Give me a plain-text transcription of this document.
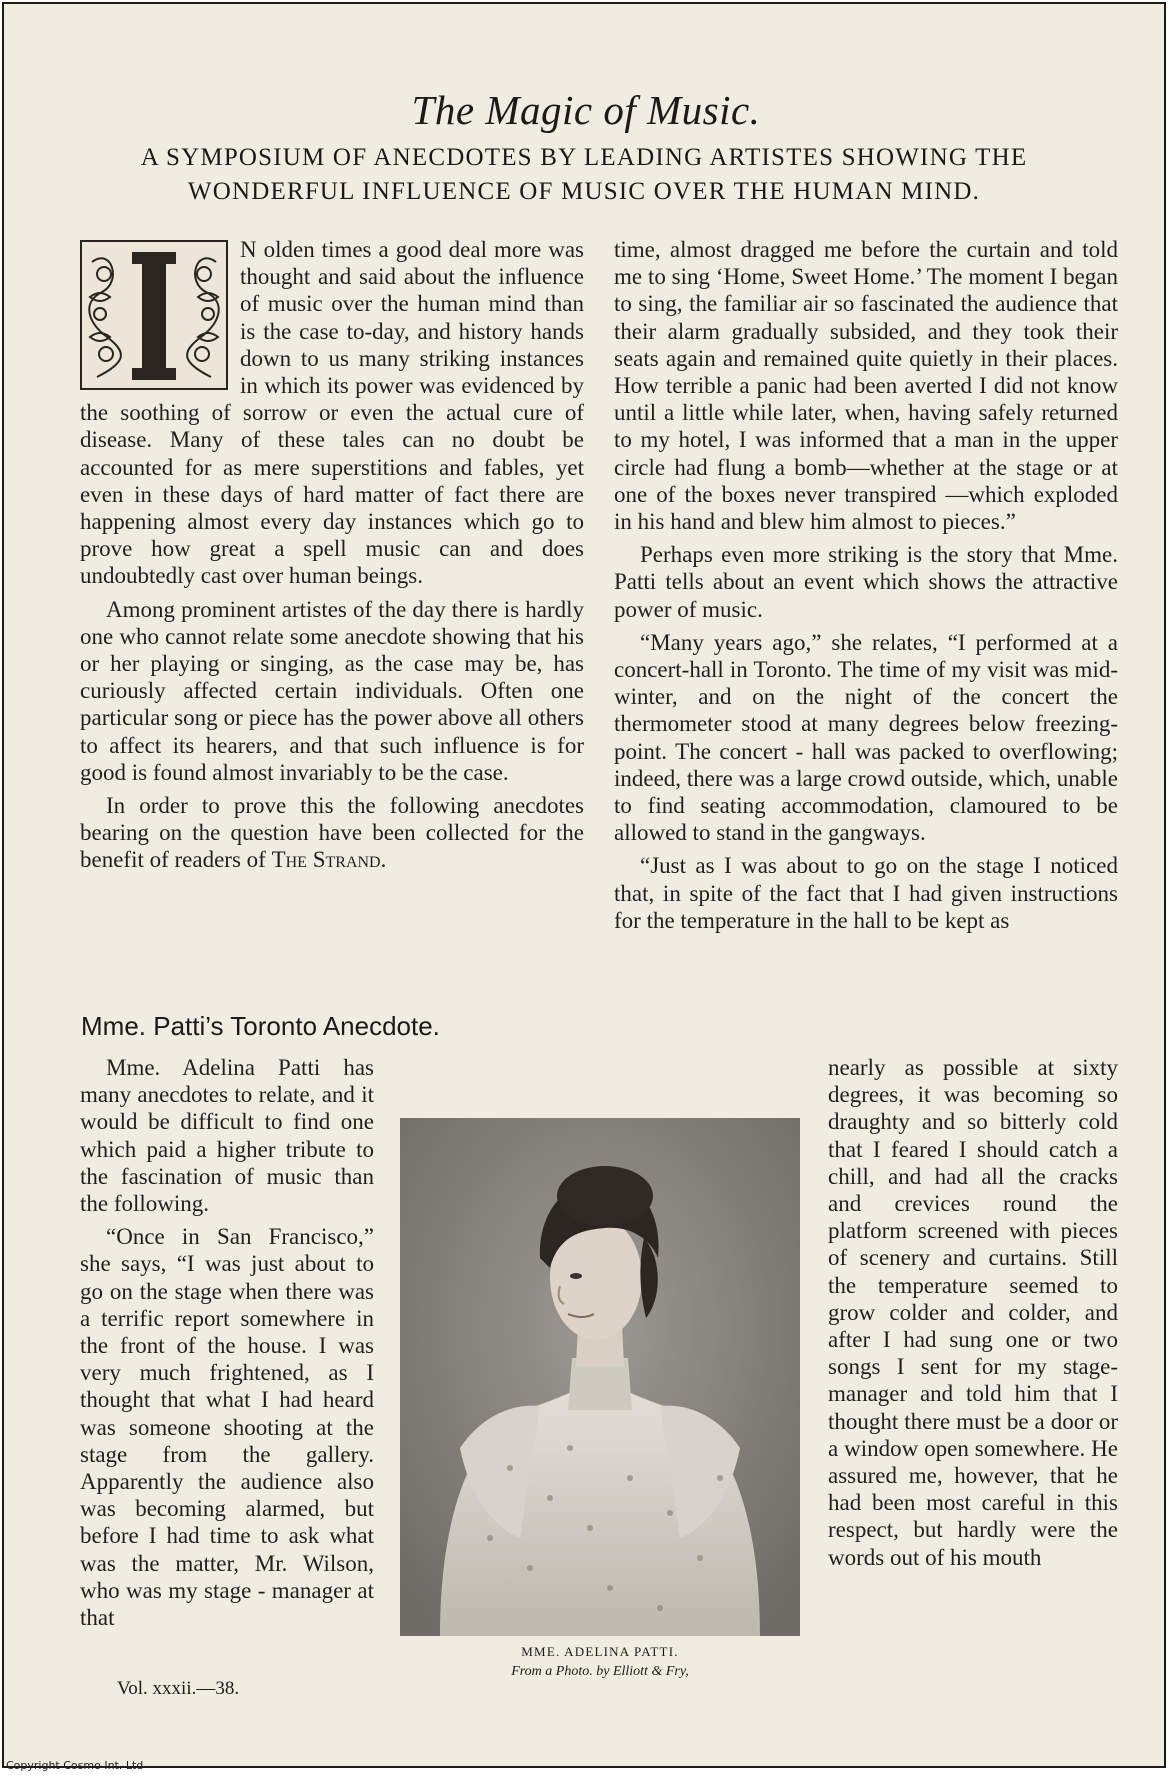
The Magic of Music.
A SYMPOSIUM OF ANECDOTES BY LEADING ARTISTES SHOWING THE
WONDERFUL INFLUENCE OF MUSIC OVER THE HUMAN MIND.

N olden times a good deal more was thought and said about the influence of music over the human mind than is the case to-day, and history hands down to us many striking instances in which its power was evidenced by the soothing of sorrow or even the actual cure of disease. Many of these tales can no doubt be accounted for as mere superstitions and fables, yet even in these days of hard matter of fact there are happening almost every day instances which go to prove how great a spell music can and does undoubtedly cast over human beings.

Among prominent artistes of the day there is hardly one who cannot relate some anecdote showing that his or her playing or singing, as the case may be, has curiously affected certain individuals. Often one particular song or piece has the power above all others to affect its hearers, and that such influence is for good is found almost invariably to be the case.

In order to prove this the following anecdotes bearing on the question have been collected for the benefit of readers of The Strand.

Mme. Patti’s Toronto Anecdote.

Mme. Adelina Patti has many anecdotes to relate, and it would be difficult to find one which paid a higher tribute to the fascination of music than the following.

“Once in San Francisco,” she says, “I was just about to go on the stage when there was a terrific report somewhere in the front of the house. I was very much frightened, as I thought that what I had heard was someone shooting at the stage from the gallery. Apparently the audience also was becoming alarmed, but before I had time to ask what was the matter, Mr. Wilson, who was my stage - manager at that

time, almost dragged me before the curtain and told me to sing ‘Home, Sweet Home.’ The moment I began to sing, the familiar air so fascinated the audience that their alarm gradually subsided, and they took their seats again and remained quite quietly in their places. How terrible a panic had been averted I did not know until a little while later, when, having safely returned to my hotel, I was informed that a man in the upper circle had flung a bomb—whether at the stage or at one of the boxes never transpired —which exploded in his hand and blew him almost to pieces.”

Perhaps even more striking is the story that Mme. Patti tells about an event which shows the attractive power of music.

“Many years ago,” she relates, “I performed at a concert-hall in Toronto. The time of my visit was mid-winter, and on the night of the concert the thermometer stood at many degrees below freezing-point. The concert - hall was packed to overflowing; indeed, there was a large crowd outside, which, unable to find seating accommodation, clamoured to be allowed to stand in the gangways.

“Just as I was about to go on the stage I noticed that, in spite of the fact that I had given instructions for the temperature in the hall to be kept as

nearly as possible at sixty degrees, it was becoming so draughty and so bitterly cold that I feared I should catch a chill, and had all the cracks and crevices round the platform screened with pieces of scenery and curtains. Still the temperature seemed to grow colder and colder, and after I had sung one or two songs I sent for my stage-manager and told him that I thought there must be a door or a window open somewhere. He assured me, however, that he had been most careful in this respect, but hardly were the words out of his mouth

MME. ADELINA PATTI.
From a Photo. by Elliott & Fry,
Vol. xxxii.—38.
Copyright Cosmo Int. Ltd
